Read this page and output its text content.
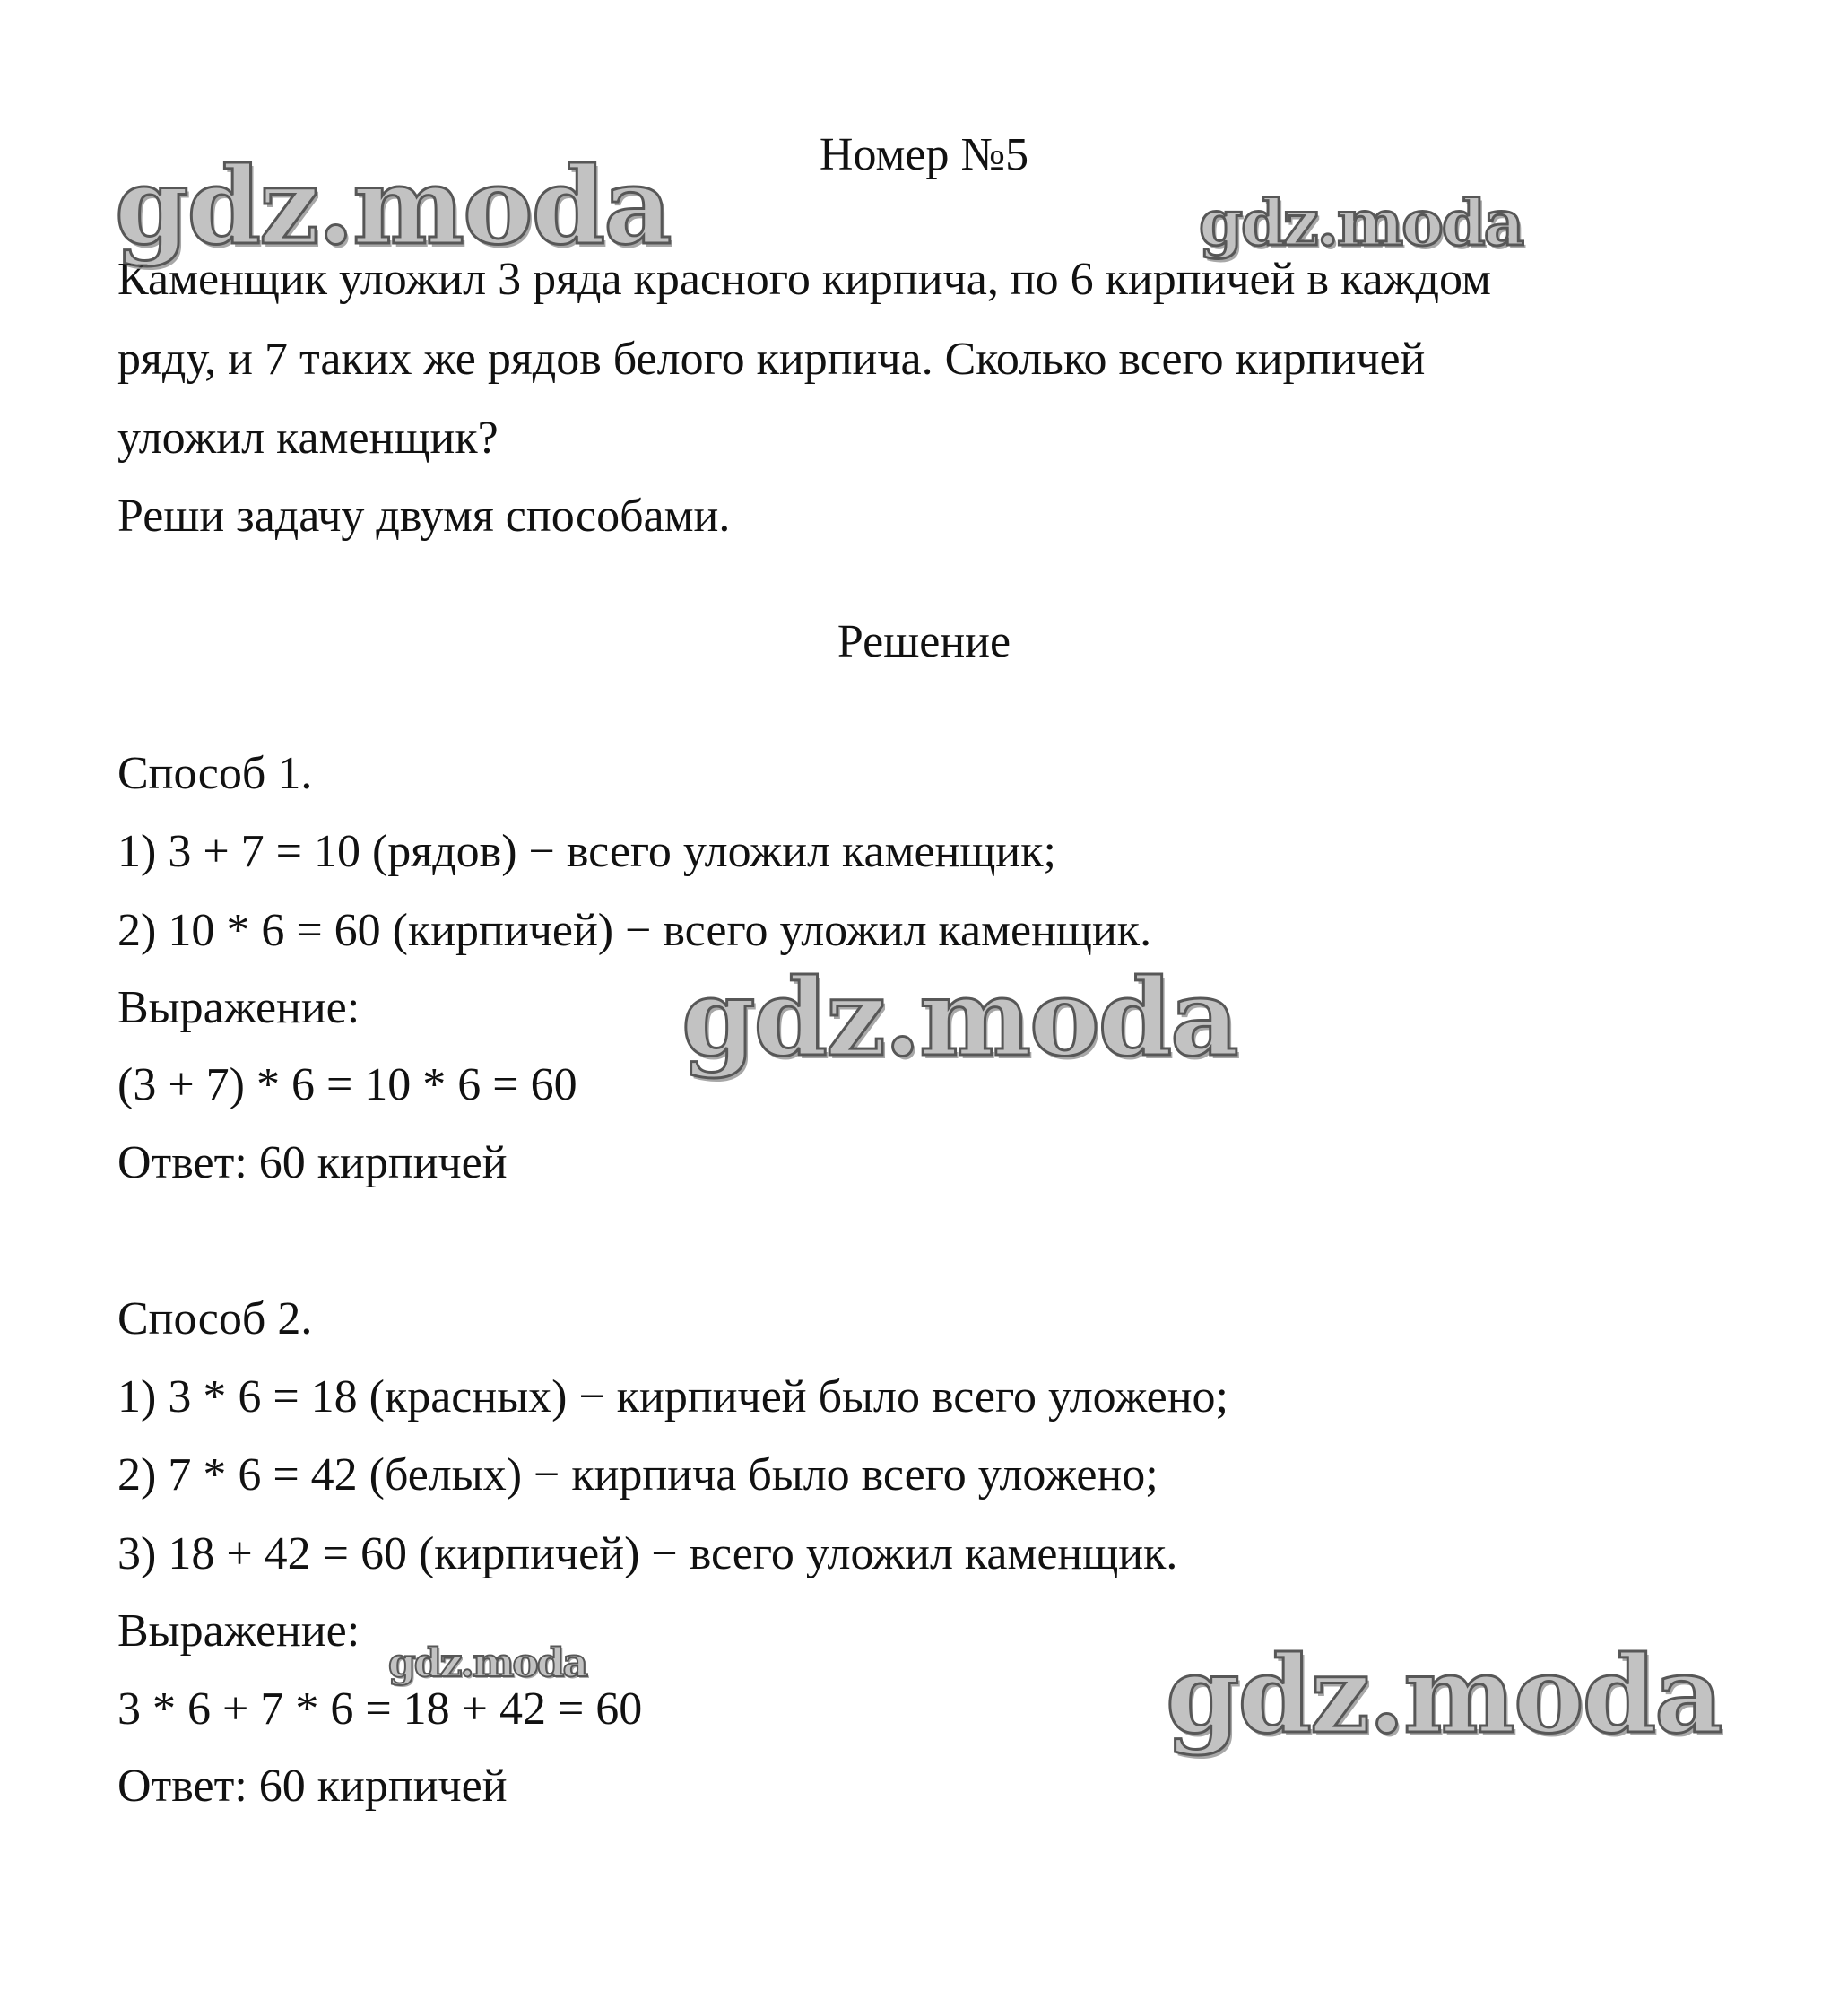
Номер №5
Каменщик уложил 3 ряда красного кирпича, по 6 кирпичей в каждом
ряду, и 7 таких же рядов белого кирпича. Сколько всего кирпичей
уложил каменщик?
Реши задачу двумя способами.
Решение
Способ 1.
1) 3 + 7 = 10 (рядов) − всего уложил каменщик;
2) 10 * 6 = 60 (кирпичей) − всего уложил каменщик.
Выражение:
(3 + 7) * 6 = 10 * 6 = 60
Ответ: 60 кирпичей
Способ 2.
1) 3 * 6 = 18 (красных) − кирпичей было всего уложено;
2) 7 * 6 = 42 (белых) − кирпича было всего уложено;
3) 18 + 42 = 60 (кирпичей) − всего уложил каменщик.
Выражение:
3 * 6 + 7 * 6 = 18 + 42 = 60
Ответ: 60 кирпичей
gdz.moda	gdz.moda
gdz.moda
gdz.moda	gdz.moda
